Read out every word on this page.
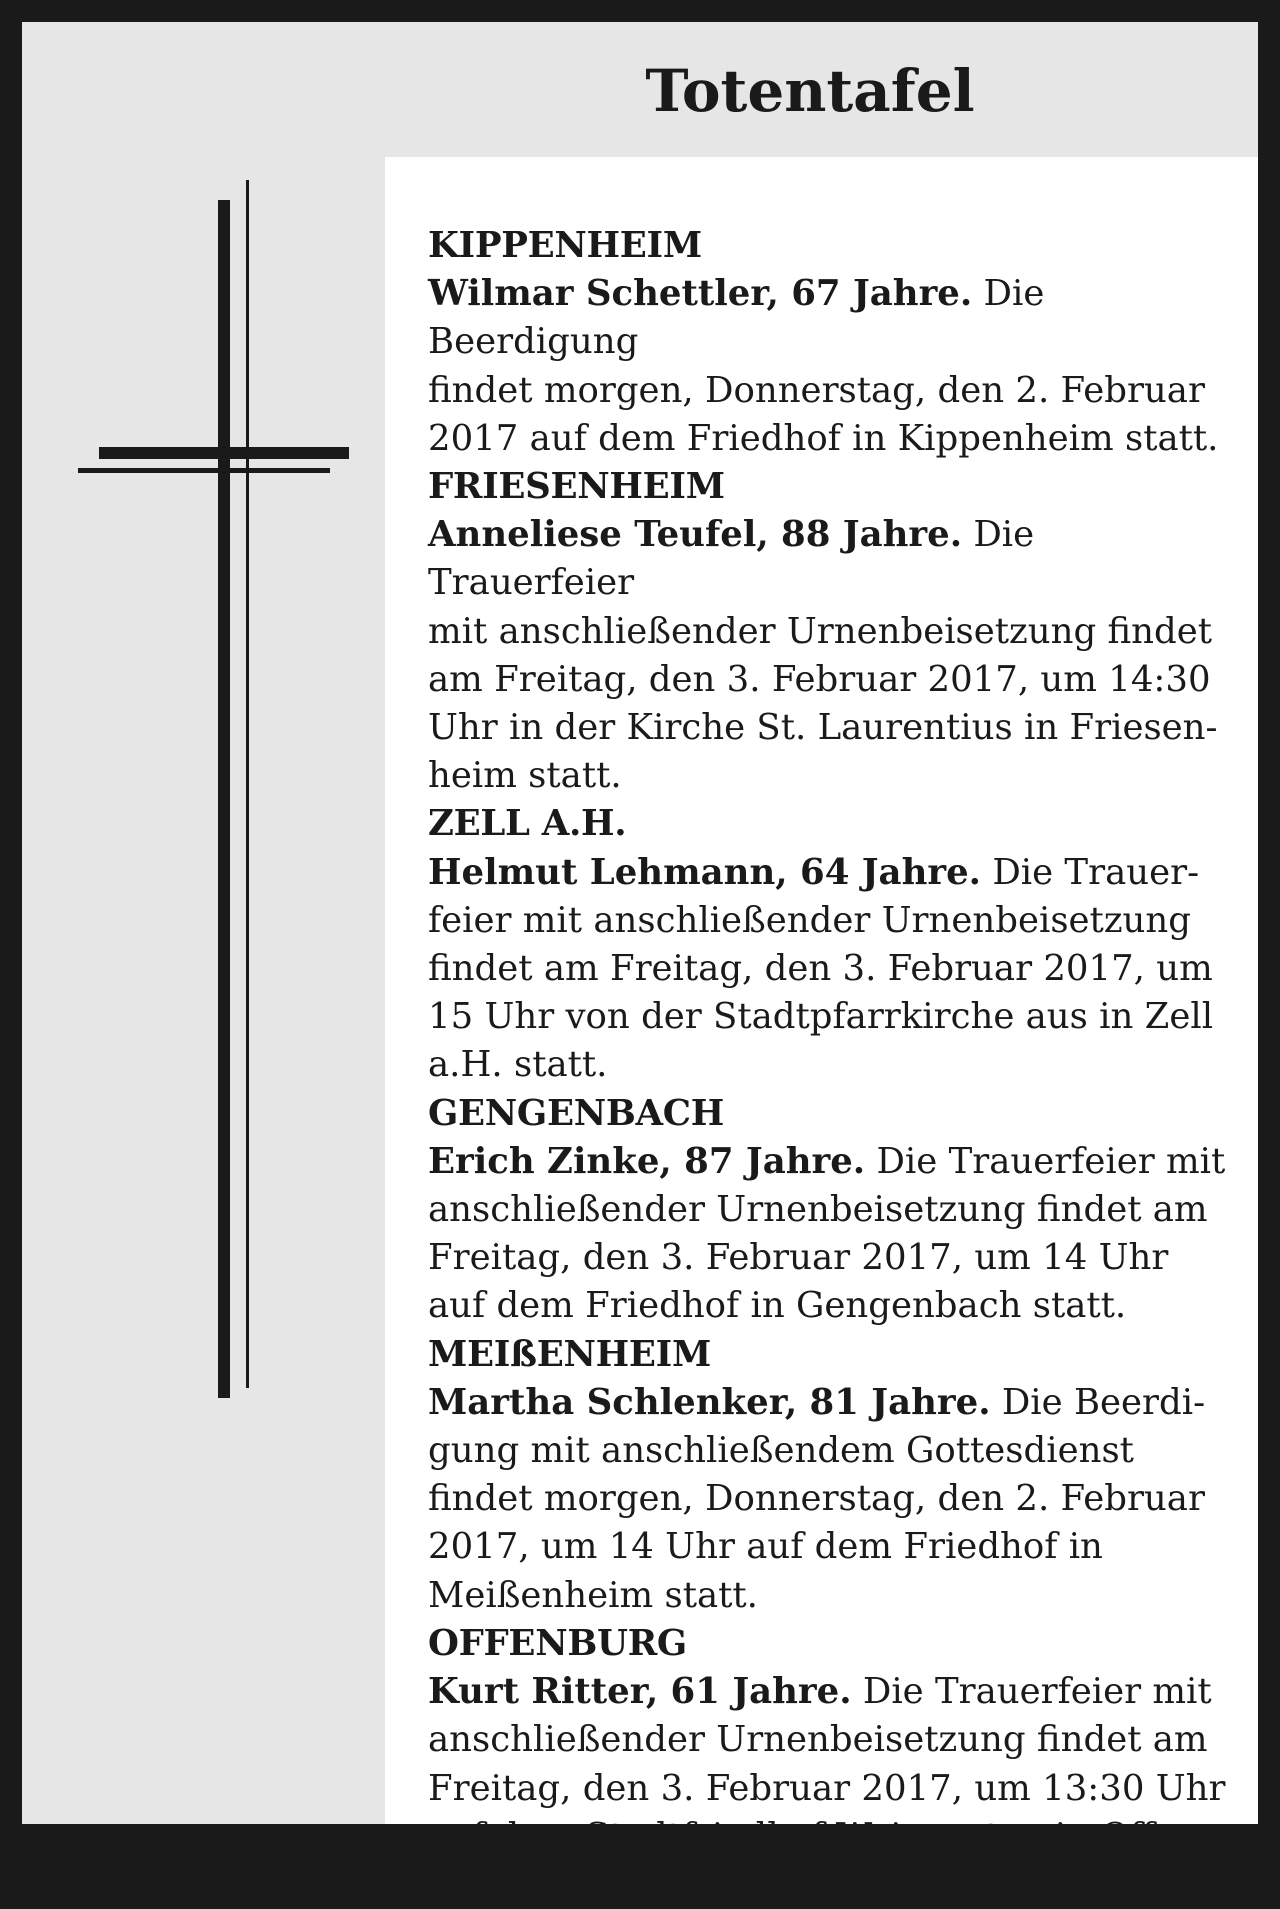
Totentafel
KIPPENHEIM
Wilmar Schettler, 67 Jahre. Die Beerdigung
findet morgen, Donnerstag, den 2. Februar
2017 auf dem Friedhof in Kippenheim statt.
FRIESENHEIM
Anneliese Teufel, 88 Jahre. Die Trauerfeier
mit anschließender Urnenbeisetzung findet
am Freitag, den 3. Februar 2017, um 14:30
Uhr in der Kirche St. Laurentius in Friesen-
heim statt.
ZELL A.H.
Helmut Lehmann, 64 Jahre. Die Trauer-
feier mit anschließender Urnenbeisetzung
findet am Freitag, den 3. Februar 2017, um
15 Uhr von der Stadtpfarrkirche aus in Zell
a.H. statt.
GENGENBACH
Erich Zinke, 87 Jahre. Die Trauerfeier mit
anschließender Urnenbeisetzung findet am
Freitag, den 3. Februar 2017, um 14 Uhr
auf dem Friedhof in Gengenbach statt.
MEIßENHEIM
Martha Schlenker, 81 Jahre. Die Beerdi-
gung mit anschließendem Gottesdienst
findet morgen, Donnerstag, den 2. Februar
2017, um 14 Uhr auf dem Friedhof in
Meißenheim statt.
OFFENBURG
Kurt Ritter, 61 Jahre. Die Trauerfeier mit
anschließender Urnenbeisetzung findet am
Freitag, den 3. Februar 2017, um 13:30 Uhr
auf dem Stadtfriedhof Weingarten in Offen-
burg statt.
